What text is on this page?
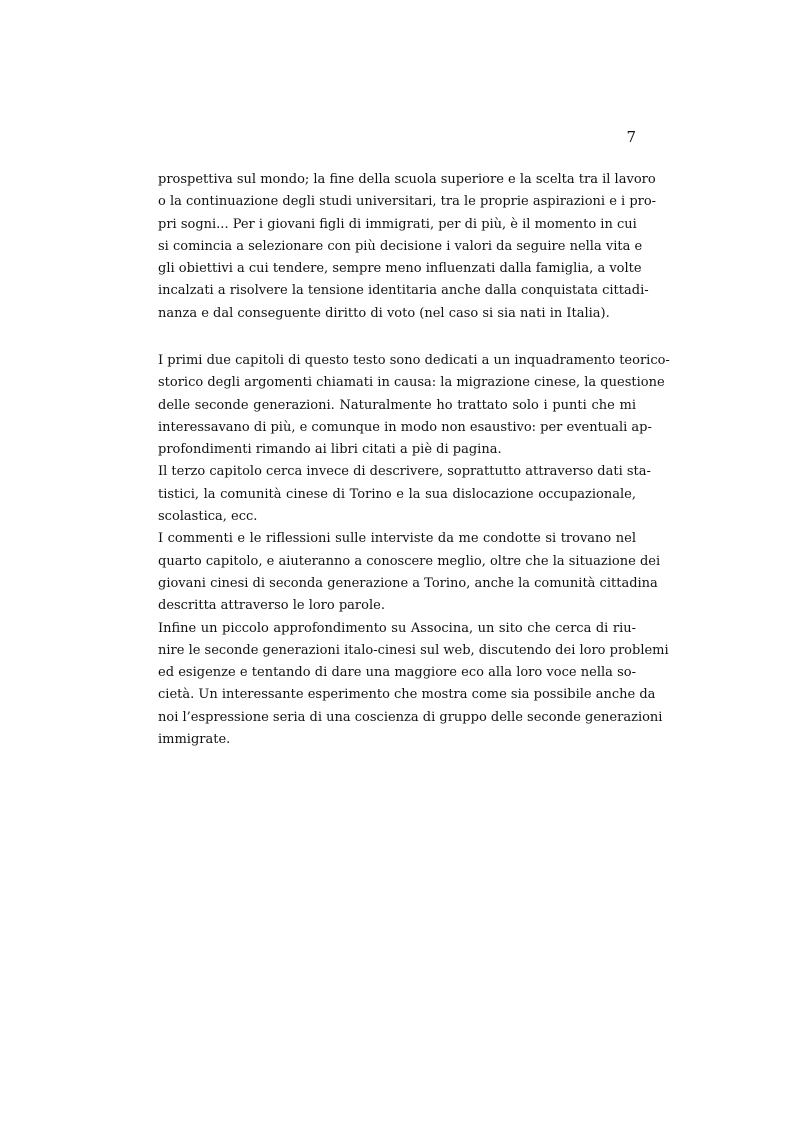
7
prospettiva sul mondo; la fine della scuola superiore e la scelta tra il lavoro
o la continuazione degli studi universitari, tra le proprie aspirazioni e i pro-
pri sogni... Per i giovani figli di immigrati, per di più, è il momento in cui
si comincia a selezionare con più decisione i valori da seguire nella vita e
gli obiettivi a cui tendere, sempre meno influenzati dalla famiglia, a volte
incalzati a risolvere la tensione identitaria anche dalla conquistata cittadi-
nanza e dal conseguente diritto di voto (nel caso si sia nati in Italia).
I primi due capitoli di questo testo sono dedicati a un inquadramento teorico-
storico degli argomenti chiamati in causa: la migrazione cinese, la questione
delle seconde generazioni. Naturalmente ho trattato solo i punti che mi
interessavano di più, e comunque in modo non esaustivo: per eventuali ap-
profondimenti rimando ai libri citati a piè di pagina.
Il terzo capitolo cerca invece di descrivere, soprattutto attraverso dati sta-
tistici, la comunità cinese di Torino e la sua dislocazione occupazionale,
scolastica, ecc.
I commenti e le riflessioni sulle interviste da me condotte si trovano nel
quarto capitolo, e aiuteranno a conoscere meglio, oltre che la situazione dei
giovani cinesi di seconda generazione a Torino, anche la comunità cittadina
descritta attraverso le loro parole.
Infine un piccolo approfondimento su Associna, un sito che cerca di riu-
nire le seconde generazioni italo-cinesi sul web, discutendo dei loro problemi
ed esigenze e tentando di dare una maggiore eco alla loro voce nella so-
cietà. Un interessante esperimento che mostra come sia possibile anche da
noi l’espressione seria di una coscienza di gruppo delle seconde generazioni
immigrate.
